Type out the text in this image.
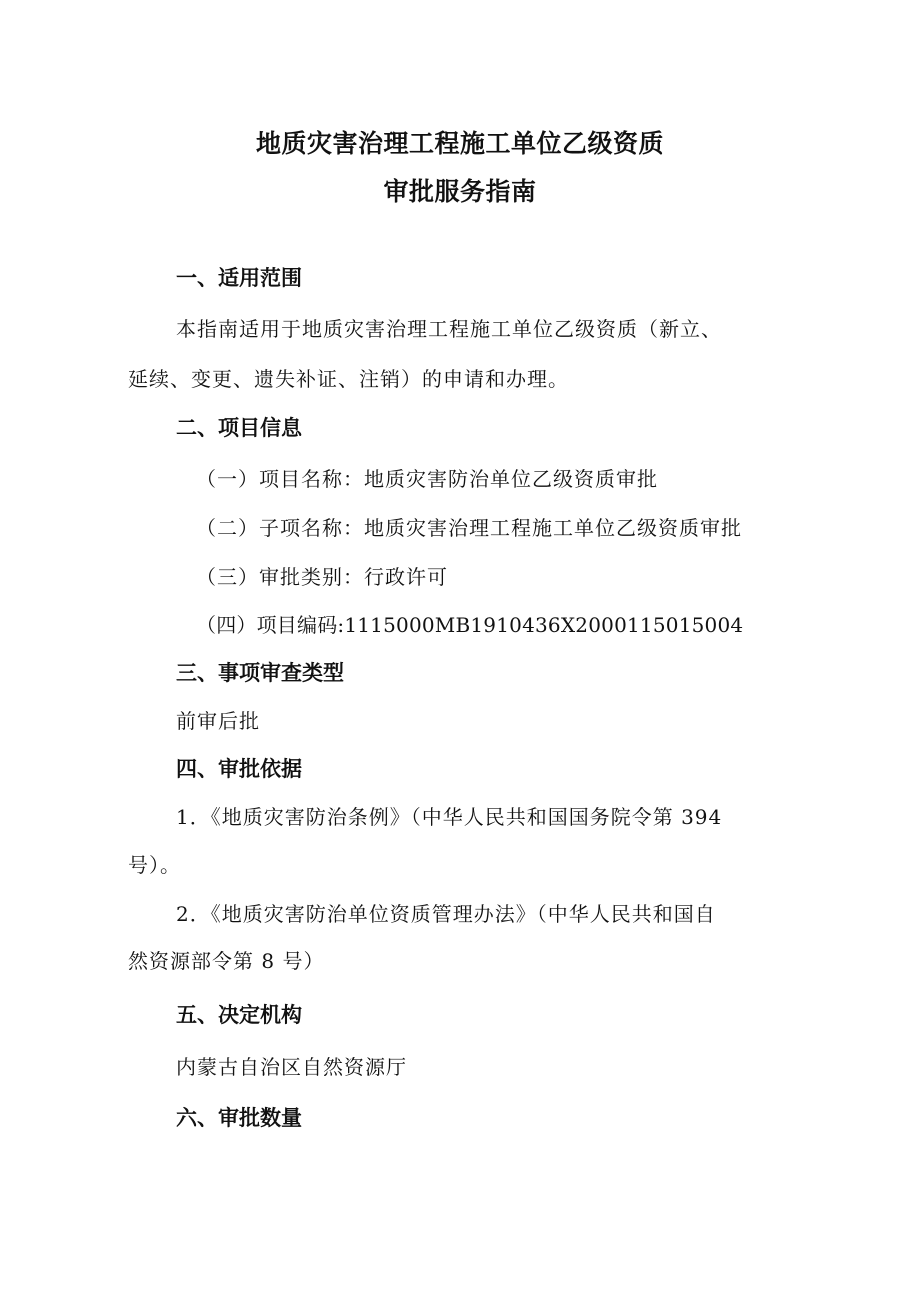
地质灾害治理工程施工单位乙级资质
审批服务指南
一、适用范围
本指南适用于地质灾害治理工程施工单位乙级资质（新立、
延续、变更、遗失补证、注销）的申请和办理。
二、项目信息
（一）项目名称：地质灾害防治单位乙级资质审批
（二）子项名称：地质灾害治理工程施工单位乙级资质审批
（三）审批类别：行政许可
（四）项目编码:1115000MB1910436X2000115015004
三、事项审查类型
前审后批
四、审批依据
1．《地质灾害防治条例》（中华人民共和国国务院令第 394
号）。
2．《地质灾害防治单位资质管理办法》（中华人民共和国自
然资源部令第 8 号）
五、决定机构
内蒙古自治区自然资源厅
六、审批数量
